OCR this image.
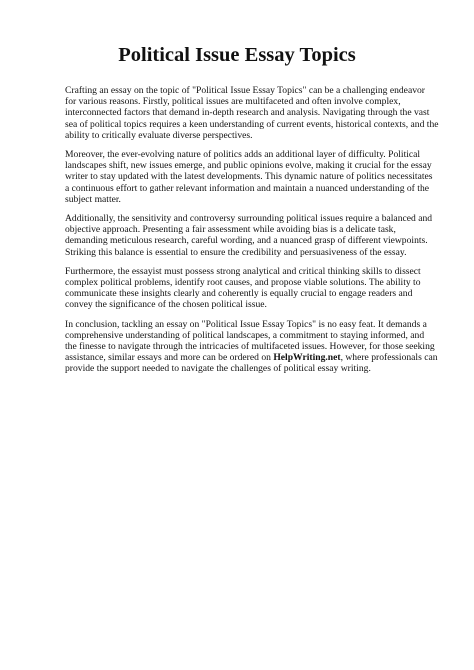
Political Issue Essay Topics

Crafting an essay on the topic of "Political Issue Essay Topics" can be a challenging endeavor
for various reasons. Firstly, political issues are multifaceted and often involve complex,
interconnected factors that demand in-depth research and analysis. Navigating through the vast
sea of political topics requires a keen understanding of current events, historical contexts, and the
ability to critically evaluate diverse perspectives.

Moreover, the ever-evolving nature of politics adds an additional layer of difficulty. Political
landscapes shift, new issues emerge, and public opinions evolve, making it crucial for the essay
writer to stay updated with the latest developments. This dynamic nature of politics necessitates
a continuous effort to gather relevant information and maintain a nuanced understanding of the
subject matter.

Additionally, the sensitivity and controversy surrounding political issues require a balanced and
objective approach. Presenting a fair assessment while avoiding bias is a delicate task,
demanding meticulous research, careful wording, and a nuanced grasp of different viewpoints.
Striking this balance is essential to ensure the credibility and persuasiveness of the essay.

Furthermore, the essayist must possess strong analytical and critical thinking skills to dissect
complex political problems, identify root causes, and propose viable solutions. The ability to
communicate these insights clearly and coherently is equally crucial to engage readers and
convey the significance of the chosen political issue.

In conclusion, tackling an essay on "Political Issue Essay Topics" is no easy feat. It demands a
comprehensive understanding of political landscapes, a commitment to staying informed, and
the finesse to navigate through the intricacies of multifaceted issues. However, for those seeking
assistance, similar essays and more can be ordered on HelpWriting.net, where professionals can
provide the support needed to navigate the challenges of political essay writing.
